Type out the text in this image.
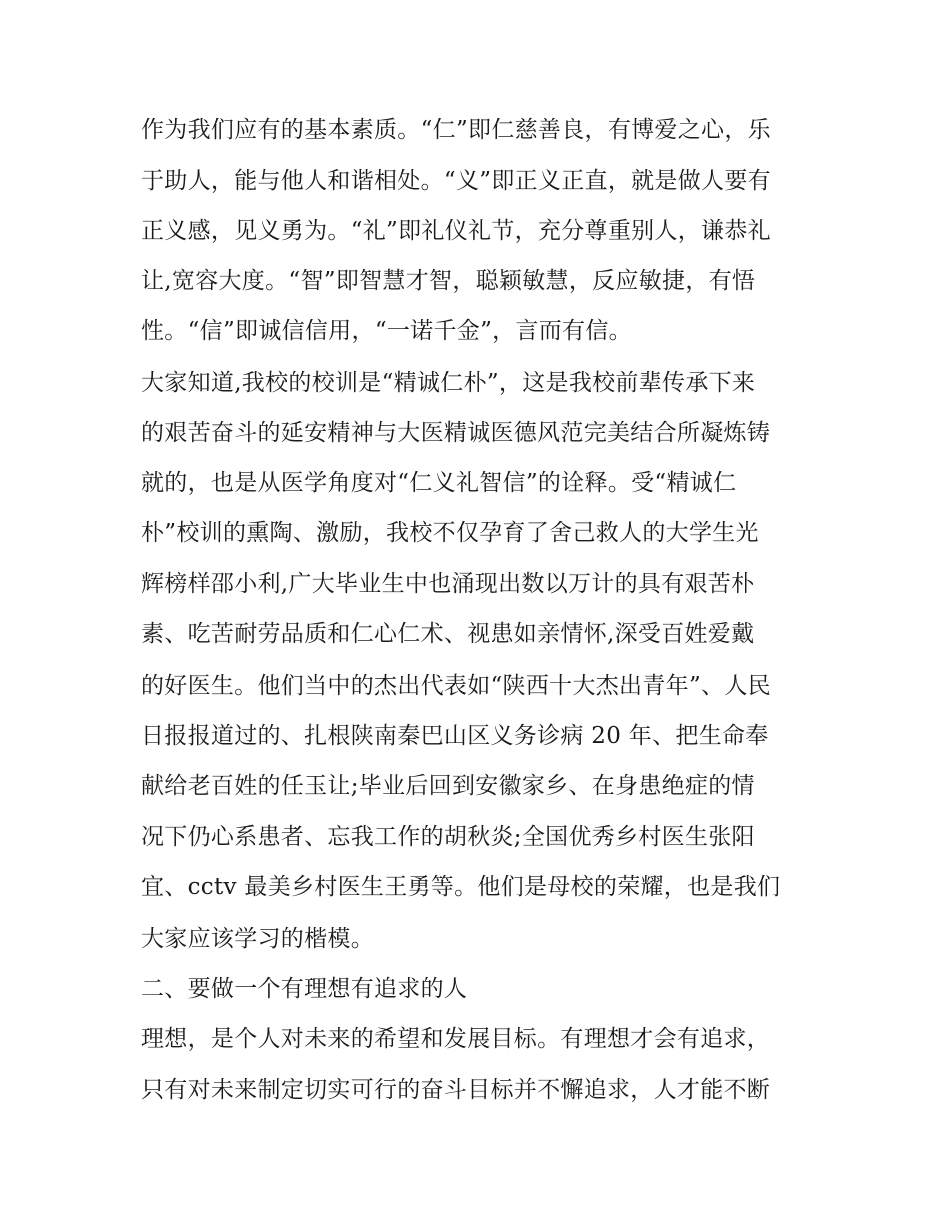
作为我们应有的基本素质。“仁”即仁慈善良，有博爱之心，乐
于助人，能与他人和谐相处。“义”即正义正直，就是做人要有
正义感，见义勇为。“礼”即礼仪礼节，充分尊重别人，谦恭礼
让,宽容大度。“智”即智慧才智，聪颖敏慧，反应敏捷，有悟
性。“信”即诚信信用，“一诺千金”，言而有信。
大家知道,我校的校训是“精诚仁朴”，这是我校前辈传承下来
的艰苦奋斗的延安精神与大医精诚医德风范完美结合所凝炼铸
就的，也是从医学角度对“仁义礼智信”的诠释。受“精诚仁
朴”校训的熏陶、激励，我校不仅孕育了舍己救人的大学生光
辉榜样邵小利,广大毕业生中也涌现出数以万计的具有艰苦朴
素、吃苦耐劳品质和仁心仁术、视患如亲情怀,深受百姓爱戴
的好医生。他们当中的杰出代表如“陕西十大杰出青年”、人民
日报报道过的、扎根陕南秦巴山区义务诊病 20 年、把生命奉
献给老百姓的任玉让;毕业后回到安徽家乡、在身患绝症的情
况下仍心系患者、忘我工作的胡秋炎;全国优秀乡村医生张阳
宜、cctv 最美乡村医生王勇等。他们是母校的荣耀，也是我们
大家应该学习的楷模。
二、要做一个有理想有追求的人
理想，是个人对未来的希望和发展目标。有理想才会有追求，
只有对未来制定切实可行的奋斗目标并不懈追求，人才能不断
